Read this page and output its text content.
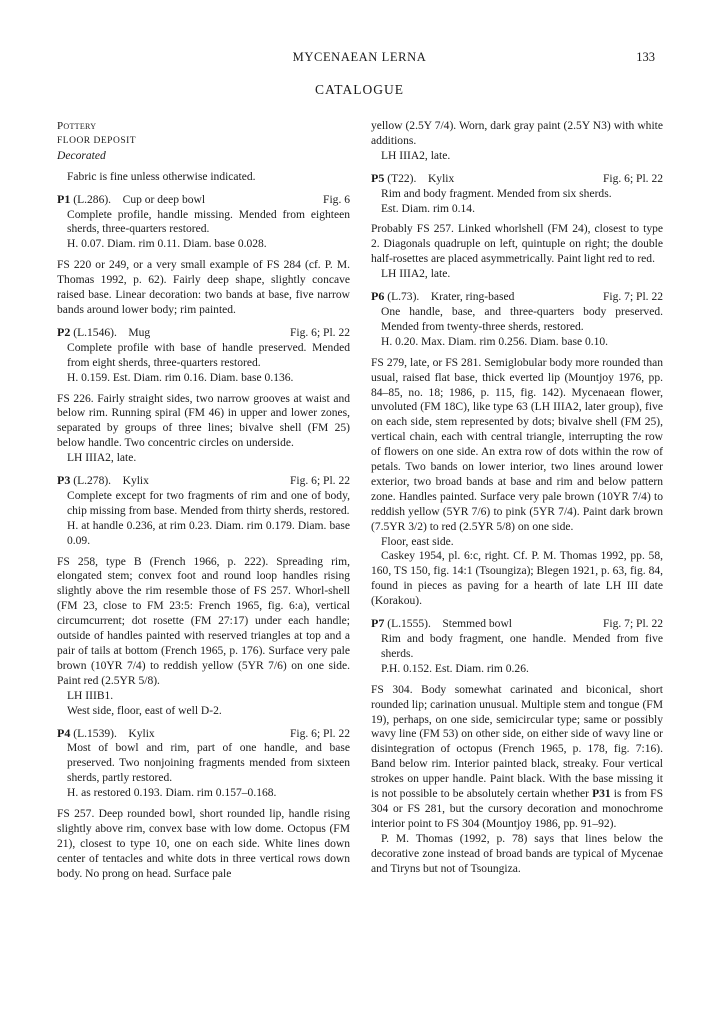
MYCENAEAN LERNA	133
CATALOGUE

Pottery

FLOOR DEPOSIT

Decorated

Fabric is fine unless otherwise indicated.

P1 (L.286).    Cup or deep bowl	Fig. 6

Complete profile, handle missing. Mended from eighteen sherds, three-quarters restored.

H. 0.07. Diam. rim 0.11. Diam. base 0.028.

FS 220 or 249, or a very small example of FS 284 (cf. P. M. Thomas 1992, p. 62). Fairly deep shape, slightly concave raised base. Linear decoration: two bands at base, five narrow bands around lower body; rim painted.

P2 (L.1546).    Mug	Fig. 6; Pl. 22

Complete profile with base of handle preserved. Mended from eight sherds, three-quarters restored.

H. 0.159. Est. Diam. rim 0.16. Diam. base 0.136.

FS 226. Fairly straight sides, two narrow grooves at waist and below rim. Running spiral (FM 46) in upper and lower zones, separated by groups of three lines; bivalve shell (FM 25) below handle. Two concentric circles on underside.

LH IIIA2, late.

P3 (L.278).    Kylix	Fig. 6; Pl. 22

Complete except for two fragments of rim and one of body, chip missing from base. Mended from thirty sherds, restored.

H. at handle 0.236, at rim 0.23. Diam. rim 0.179. Diam. base 0.09.

FS 258, type B (French 1966, p. 222). Spreading rim, elongated stem; convex foot and round loop handles rising slightly above the rim resemble those of FS 257. Whorl-shell (FM 23, close to FM 23:5: French 1965, fig. 6:a), vertical circumcurrent; dot rosette (FM 27:17) under each handle; outside of handles painted with reserved triangles at top and a pair of tails at bottom (French 1965, p. 176). Surface very pale brown (10YR 7/4) to reddish yellow (5YR 7/6) on one side. Paint red (2.5YR 5/8).

LH IIIB1.

West side, floor, east of well D-2.

P4 (L.1539).    Kylix	Fig. 6; Pl. 22

Most of bowl and rim, part of one handle, and base preserved. Two nonjoining fragments mended from sixteen sherds, partly restored.

H. as restored 0.193. Diam. rim 0.157–0.168.

FS 257. Deep rounded bowl, short rounded lip, handle rising slightly above rim, convex base with low dome. Octopus (FM 21), closest to type 10, one on each side. White lines down center of tentacles and white dots in three vertical rows down body. No prong on head. Surface pale

yellow (2.5Y 7/4). Worn, dark gray paint (2.5Y N3) with white additions.

LH IIIA2, late.

P5 (T22).    Kylix	Fig. 6; Pl. 22

Rim and body fragment. Mended from six sherds.

Est. Diam. rim 0.14.

Probably FS 257. Linked whorlshell (FM 24), closest to type 2. Diagonals quadruple on left, quintuple on right; the double half-rosettes are placed asymmetrically. Paint light red to red.

LH IIIA2, late.

P6 (L.73).    Krater, ring-based	Fig. 7; Pl. 22

One handle, base, and three-quarters body preserved. Mended from twenty-three sherds, restored.

H. 0.20. Max. Diam. rim 0.256. Diam. base 0.10.

FS 279, late, or FS 281. Semiglobular body more rounded than usual, raised flat base, thick everted lip (Mountjoy 1976, pp. 84–85, no. 18; 1986, p. 115, fig. 142). Mycenaean flower, unvoluted (FM 18C), like type 63 (LH IIIA2, later group), five on each side, stem represented by dots; bivalve shell (FM 25), vertical chain, each with central triangle, interrupting the row of flowers on one side. An extra row of dots within the row of petals. Two bands on lower interior, two lines around lower exterior, two broad bands at base and rim and below pattern zone. Handles painted. Surface very pale brown (10YR 7/4) to reddish yellow (5YR 7/6) to pink (5YR 7/4). Paint dark brown (7.5YR 3/2) to red (2.5YR 5/8) on one side.

Floor, east side.

Caskey 1954, pl. 6:c, right. Cf. P. M. Thomas 1992, pp. 58, 160, TS 150, fig. 14:1 (Tsoungiza); Blegen 1921, p. 63, fig. 84, found in pieces as paving for a hearth of late LH III date (Korakou).

P7 (L.1555).    Stemmed bowl	Fig. 7; Pl. 22

Rim and body fragment, one handle. Mended from five sherds.

P.H. 0.152. Est. Diam. rim 0.26.

FS 304. Body somewhat carinated and biconical, short rounded lip; carination unusual. Multiple stem and tongue (FM 19), perhaps, on one side, semicircular type; same or possibly wavy line (FM 53) on other side, on either side of wavy line or disintegration of octopus (French 1965, p. 178, fig. 7:16). Band below rim. Interior painted black, streaky. Four vertical strokes on upper handle. Paint black. With the base missing it is not possible to be absolutely certain whether P31 is from FS 304 or FS 281, but the cursory decoration and monochrome interior point to FS 304 (Mountjoy 1986, pp. 91–92).

P. M. Thomas (1992, p. 78) says that lines below the decorative zone instead of broad bands are typical of Mycenae and Tiryns but not of Tsoungiza.
